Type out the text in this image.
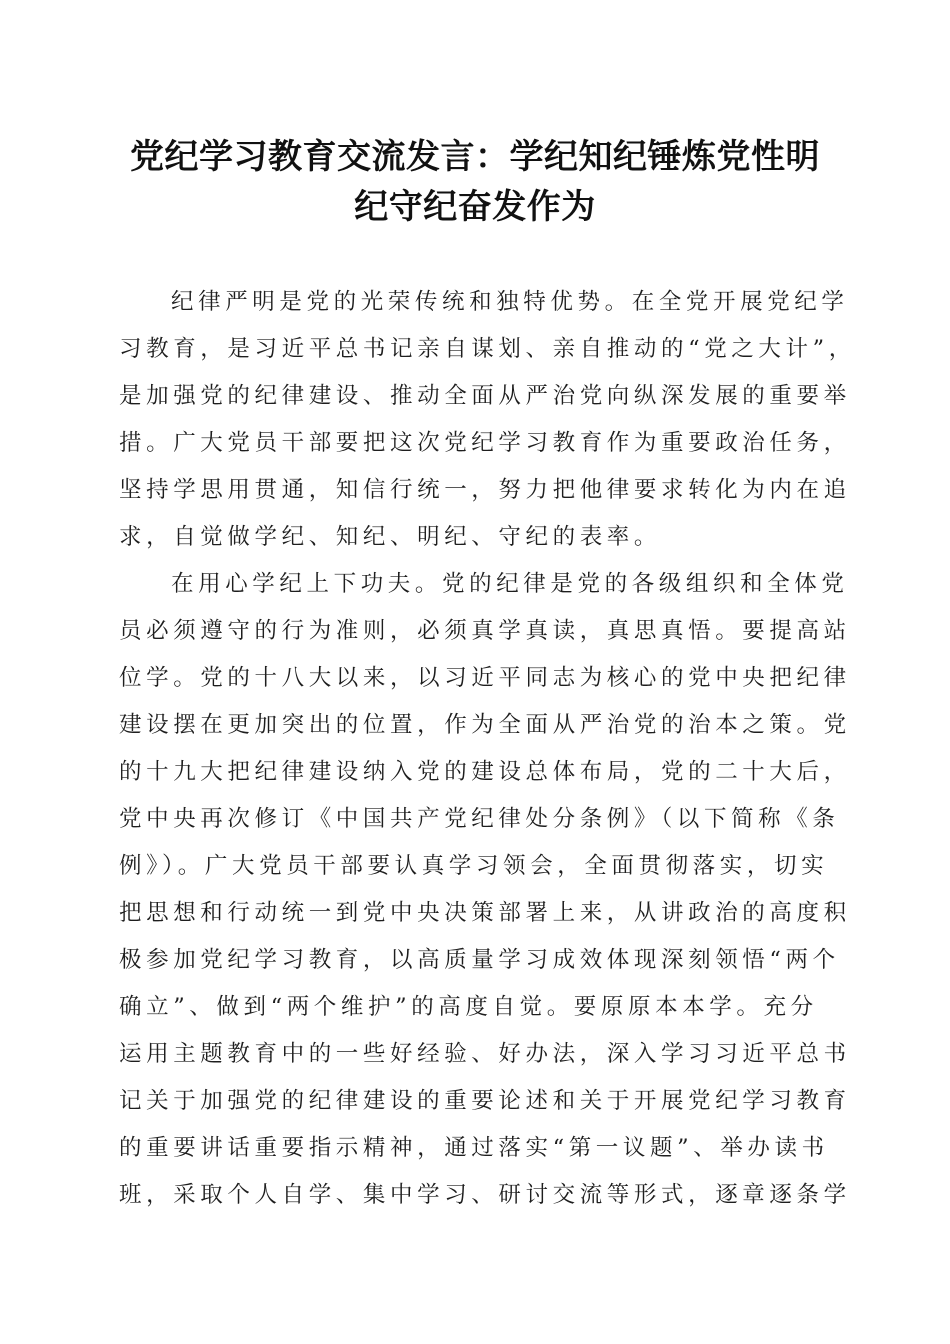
党纪学习教育交流发言：学纪知纪锤炼党性明
纪守纪奋发作为
纪律严明是党的光荣传统和独特优势。在全党开展党纪学
习教育，是习近平总书记亲自谋划、亲自推动的“党之大计”，
是加强党的纪律建设、推动全面从严治党向纵深发展的重要举
措。广大党员干部要把这次党纪学习教育作为重要政治任务，
坚持学思用贯通，知信行统一，努力把他律要求转化为内在追
求，自觉做学纪、知纪、明纪、守纪的表率。
在用心学纪上下功夫。党的纪律是党的各级组织和全体党
员必须遵守的行为准则，必须真学真读，真思真悟。要提高站
位学。党的十八大以来，以习近平同志为核心的党中央把纪律
建设摆在更加突出的位置，作为全面从严治党的治本之策。党
的十九大把纪律建设纳入党的建设总体布局，党的二十大后，
党中央再次修订《中国共产党纪律处分条例》（以下简称《条
例》）。广大党员干部要认真学习领会，全面贯彻落实，切实
把思想和行动统一到党中央决策部署上来，从讲政治的高度积
极参加党纪学习教育，以高质量学习成效体现深刻领悟“两个
确立”、做到“两个维护”的高度自觉。要原原本本学。充分
运用主题教育中的一些好经验、好办法，深入学习习近平总书
记关于加强党的纪律建设的重要论述和关于开展党纪学习教育
的重要讲话重要指示精神，通过落实“第一议题”、举办读书
班，采取个人自学、集中学习、研讨交流等形式，逐章逐条学
